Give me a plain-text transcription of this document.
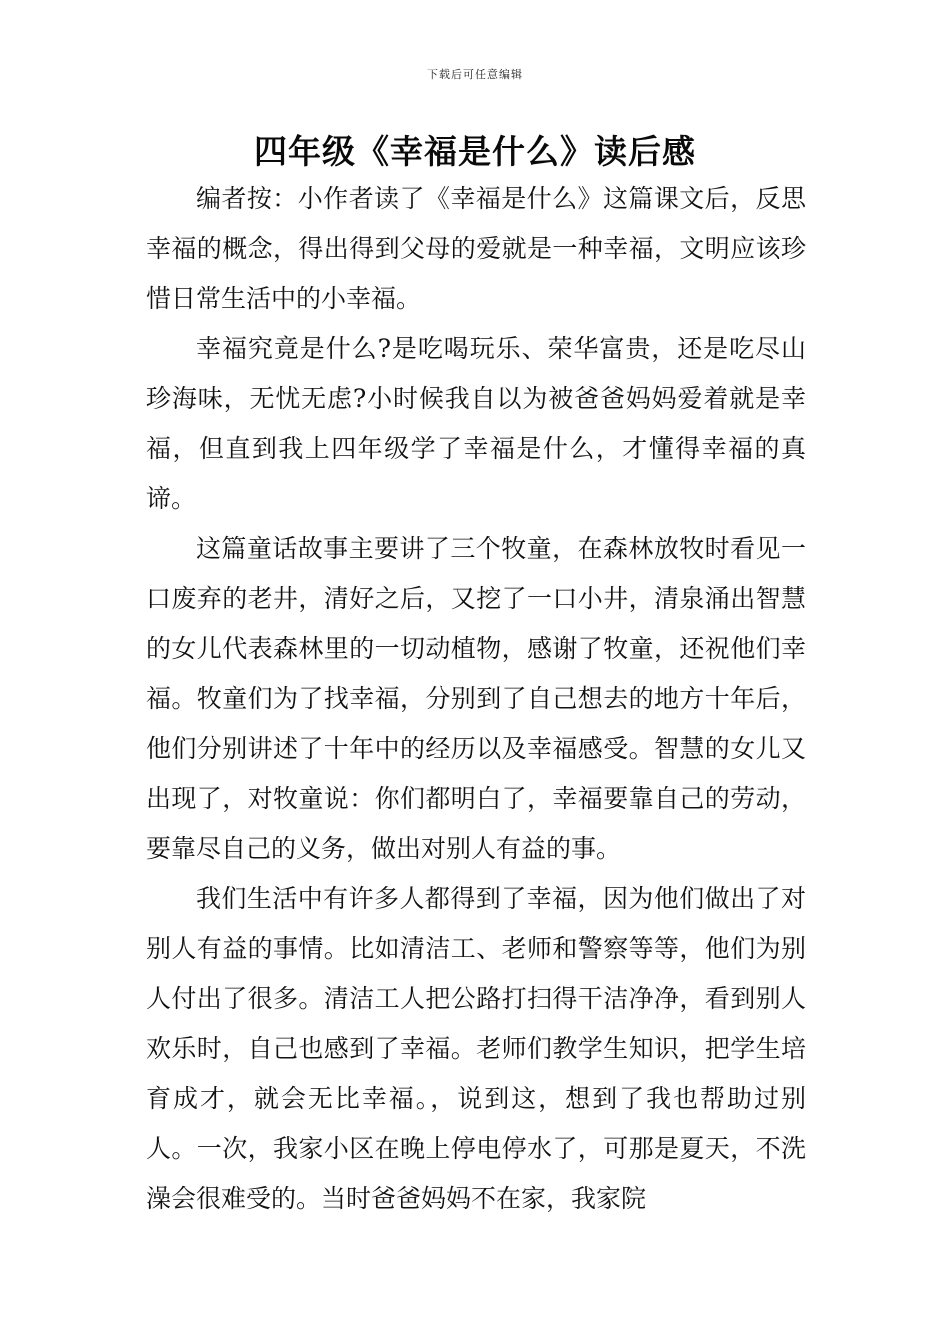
下载后可任意编辑
四年级《幸福是什么》读后感

编者按：小作者读了《幸福是什么》这篇课文后，反思幸福的概念，得出得到父母的爱就是一种幸福，文明应该珍惜日常生活中的小幸福。

幸福究竟是什么?是吃喝玩乐、荣华富贵，还是吃尽山珍海味，无忧无虑?小时候我自以为被爸爸妈妈爱着就是幸福，但直到我上四年级学了幸福是什么，才懂得幸福的真谛。

这篇童话故事主要讲了三个牧童，在森林放牧时看见一口废弃的老井，清好之后，又挖了一口小井，清泉涌出智慧的女儿代表森林里的一切动植物，感谢了牧童，还祝他们幸福。牧童们为了找幸福，分别到了自己想去的地方十年后，他们分别讲述了十年中的经历以及幸福感受。智慧的女儿又出现了，对牧童说：你们都明白了，幸福要靠自己的劳动，要靠尽自己的义务，做出对别人有益的事。

我们生活中有许多人都得到了幸福，因为他们做出了对别人有益的事情。比如清洁工、老师和警察等等，他们为别人付出了很多。清洁工人把公路打扫得干洁净净，看到别人欢乐时，自己也感到了幸福。老师们教学生知识，把学生培育成才，就会无比幸福。，说到这，想到了我也帮助过别人。一次，我家小区在晚上停电停水了，可那是夏天，不洗澡会很难受的。当时爸爸妈妈不在家，我家院
